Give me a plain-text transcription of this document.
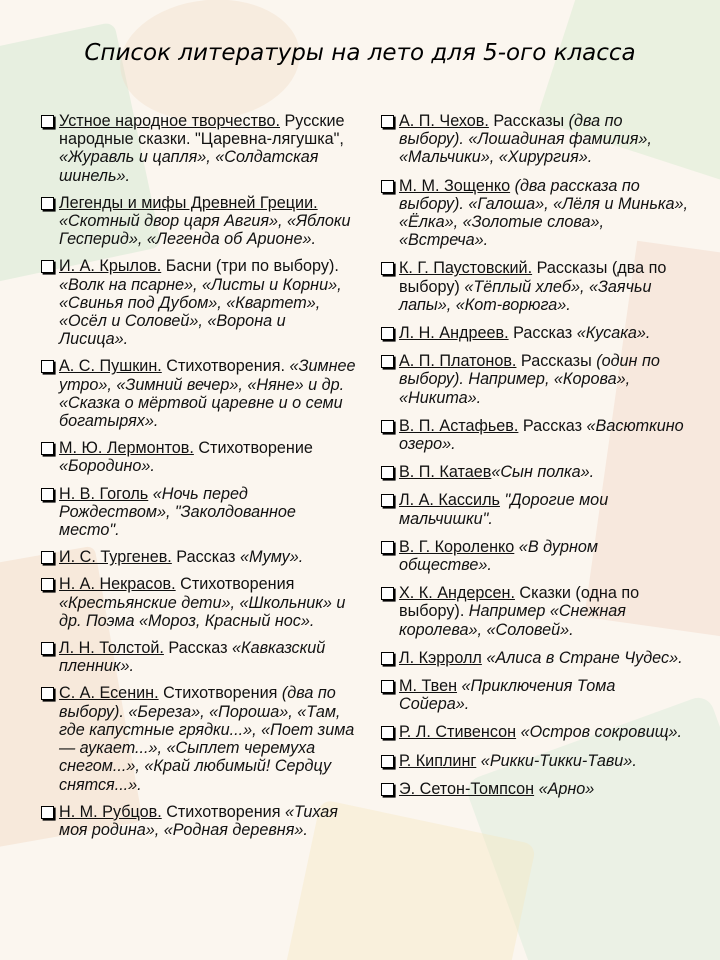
Список литературы на лето для 5-ого класса
Устное народное творчество. Русские народные сказки. "Царевна-лягушка", «Журавль и цапля», «Солдатская шинель».
Легенды и мифы Древней Греции. «Скотный двор царя Авгия», «Яблоки Гесперид», «Легенда об Арионе».
И. А. Крылов. Басни (три по выбору). «Волк на псарне», «Листы и Корни», «Свинья под Дубом», «Квартет», «Осёл и Соловей», «Ворона и Лисица».
А. С. Пушкин. Стихотворения. «Зимнее утро», «Зимний вечер», «Няне» и др. «Сказка о мёртвой царевне и о семи богатырях».
М. Ю. Лермонтов. Стихотворение «Бородино».
Н. В. Гоголь «Ночь перед Рождеством», "Заколдованное место".
И. С. Тургенев. Рассказ «Муму».
Н. А. Некрасов. Стихотворения «Крестьянские дети», «Школьник» и др. Поэма «Мороз, Красный нос».
Л. Н. Толстой. Рассказ «Кавказский пленник».
С. А. Есенин. Стихотворения (два по выбору). «Береза», «Пороша», «Там, где капустные грядки...», «Поет зима — аукает...», «Сыплет черемуха снегом...», «Край любимый! Сердцу снятся...».
Н. М. Рубцов. Стихотворения «Тихая моя родина», «Родная деревня».
А. П. Чехов. Рассказы (два по выбору). «Лошадиная фамилия», «Мальчики», «Хирургия».
М. М. Зощенко (два рассказа по выбору). «Галоша», «Лёля и Минька», «Ёлка», «Золотые слова», «Встреча».
К. Г. Паустовский. Рассказы (два по выбору) «Тёплый хлеб», «Заячьи лапы», «Кот-ворюга».
Л. Н. Андреев. Рассказ «Кусака».
А. П. Платонов. Рассказы (один по выбору). Например, «Корова», «Никита».
В. П. Астафьев. Рассказ «Васюткино озеро».
В. П. Катаев«Сын полка».
Л. А. Кассиль "Дорогие мои мальчишки".
В. Г. Короленко «В дурном обществе».
Х. К. Андерсен. Сказки (одна по выбору). Например «Снежная королева», «Соловей».
Л. Кэрролл «Алиса в Стране Чудес».
М. Твен «Приключения Тома Сойера».
Р. Л. Стивенсон «Остров сокровищ».
Р. Киплинг «Рикки-Тикки-Тави».
Э. Сетон-Томпсон «Арно»
